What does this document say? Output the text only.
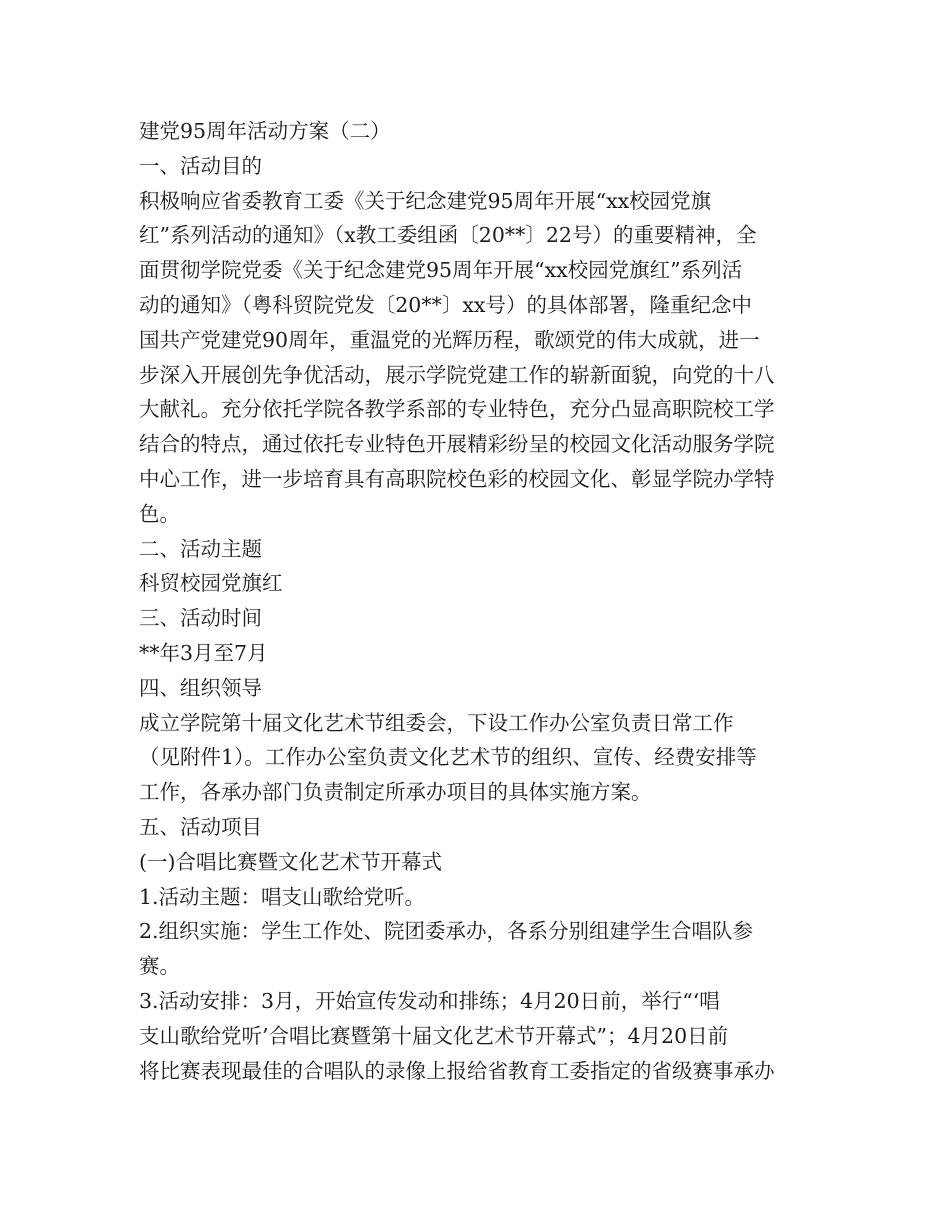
建党95周年活动方案（二）
一、活动目的
积极响应省委教育工委《关于纪念建党95周年开展“xx校园党旗
红”系列活动的通知》（x教工委组函〔20**〕22号）的重要精神，全
面贯彻学院党委《关于纪念建党95周年开展“xx校园党旗红”系列活
动的通知》（粤科贸院党发〔20**〕xx号）的具体部署，隆重纪念中
国共产党建党90周年，重温党的光辉历程，歌颂党的伟大成就，进一
步深入开展创先争优活动，展示学院党建工作的崭新面貌，向党的十八
大献礼。充分依托学院各教学系部的专业特色，充分凸显高职院校工学
结合的特点，通过依托专业特色开展精彩纷呈的校园文化活动服务学院
中心工作，进一步培育具有高职院校色彩的校园文化、彰显学院办学特
色。
二、活动主题
科贸校园党旗红
三、活动时间
**年3月至7月
四、组织领导
成立学院第十届文化艺术节组委会，下设工作办公室负责日常工作
（见附件1）。工作办公室负责文化艺术节的组织、宣传、经费安排等
工作，各承办部门负责制定所承办项目的具体实施方案。
五、活动项目
(一)合唱比赛暨文化艺术节开幕式
1.活动主题：唱支山歌给党听。
2.组织实施：学生工作处、院团委承办，各系分别组建学生合唱队参
赛。
3.活动安排：3月，开始宣传发动和排练；4月20日前，举行“‘唱
支山歌给党听’合唱比赛暨第十届文化艺术节开幕式”；4月20日前
将比赛表现最佳的合唱队的录像上报给省教育工委指定的省级赛事承办
